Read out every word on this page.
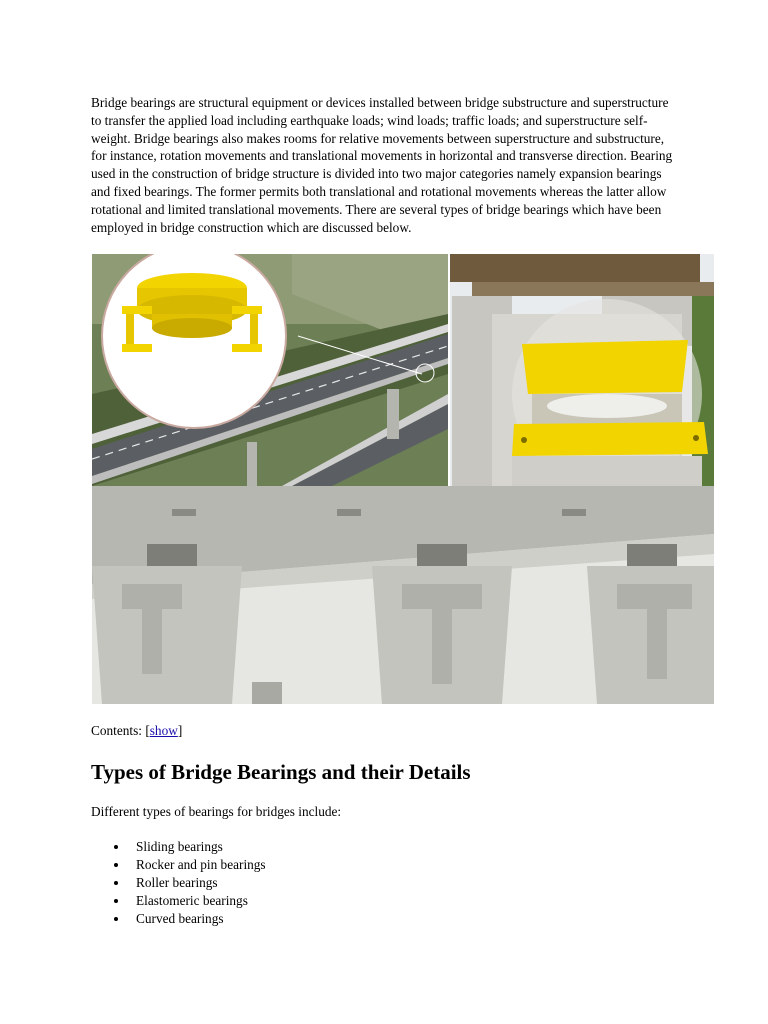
Bridge bearings are structural equipment or devices installed between bridge substructure and superstructure to transfer the applied load including earthquake loads; wind loads; traffic loads; and superstructure self-weight. Bridge bearings also makes rooms for relative movements between superstructure and substructure, for instance, rotation movements and translational movements in horizontal and transverse direction. Bearing used in the construction of bridge structure is divided into two major categories namely expansion bearings and fixed bearings. The former permits both translational and rotational movements whereas the latter allow rotational and limited translational movements. There are several types of bridge bearings which have been employed in bridge construction which are discussed below.

Contents: [show]

Types of Bridge Bearings and their Details

Different types of bearings for bridges include:

Sliding bearings
Rocker and pin bearings
Roller bearings
Elastomeric bearings
Curved bearings
